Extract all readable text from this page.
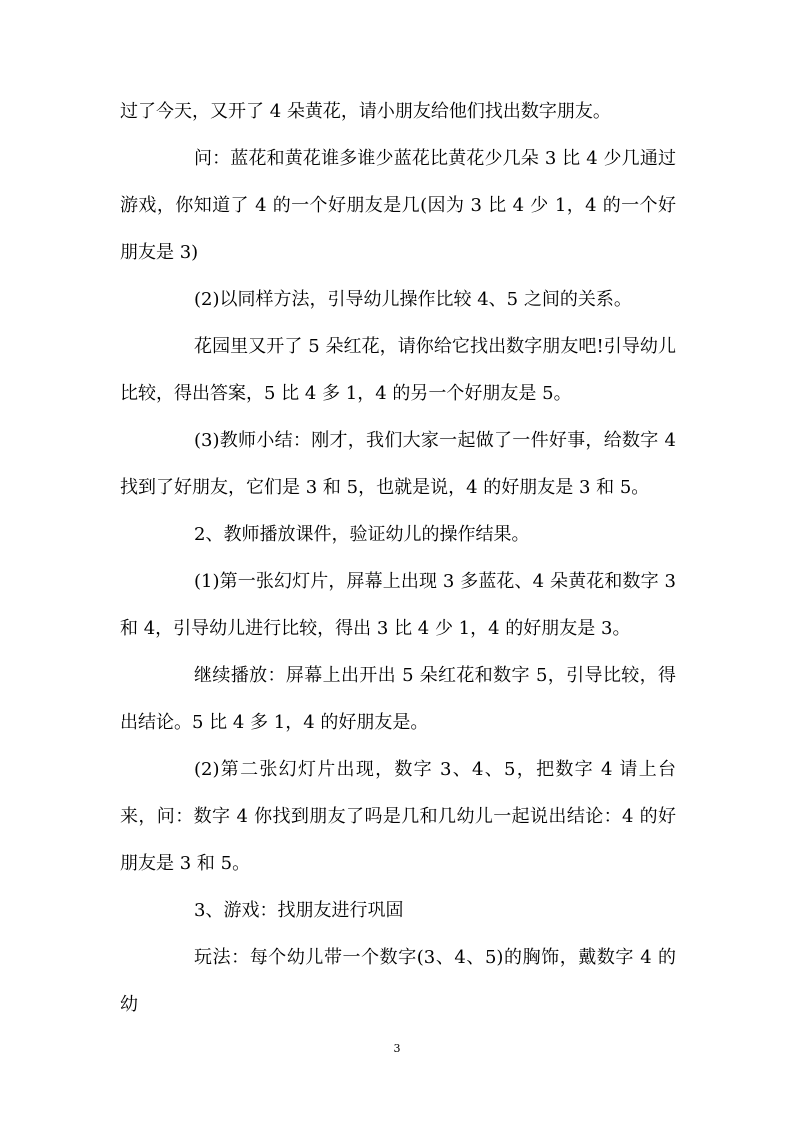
过了今天，又开了 4 朵黄花，请小朋友给他们找出数字朋友。

问：蓝花和黄花谁多谁少蓝花比黄花少几朵 3 比 4 少几通过游戏，你知道了 4 的一个好朋友是几(因为 3 比 4 少 1，4 的一个好朋友是 3)

(2)以同样方法，引导幼儿操作比较 4、5 之间的关系。

花园里又开了 5 朵红花，请你给它找出数字朋友吧!引导幼儿比较，得出答案，5 比 4 多 1，4 的另一个好朋友是 5。

(3)教师小结：刚才，我们大家一起做了一件好事，给数字 4 找到了好朋友，它们是 3 和 5，也就是说，4 的好朋友是 3 和 5。

2、教师播放课件，验证幼儿的操作结果。

(1)第一张幻灯片，屏幕上出现 3 多蓝花、4 朵黄花和数字 3 和 4，引导幼儿进行比较，得出 3 比 4 少 1，4 的好朋友是 3。

继续播放：屏幕上出开出 5 朵红花和数字 5，引导比较，得出结论。5 比 4 多 1，4 的好朋友是。

(2)第二张幻灯片出现，数字 3、4、5，把数字 4 请上台来，问：数字 4 你找到朋友了吗是几和几幼儿一起说出结论：4 的好朋友是 3 和 5。

3、游戏：找朋友进行巩固

玩法：每个幼儿带一个数字(3、4、5)的胸饰，戴数字 4 的幼

3
